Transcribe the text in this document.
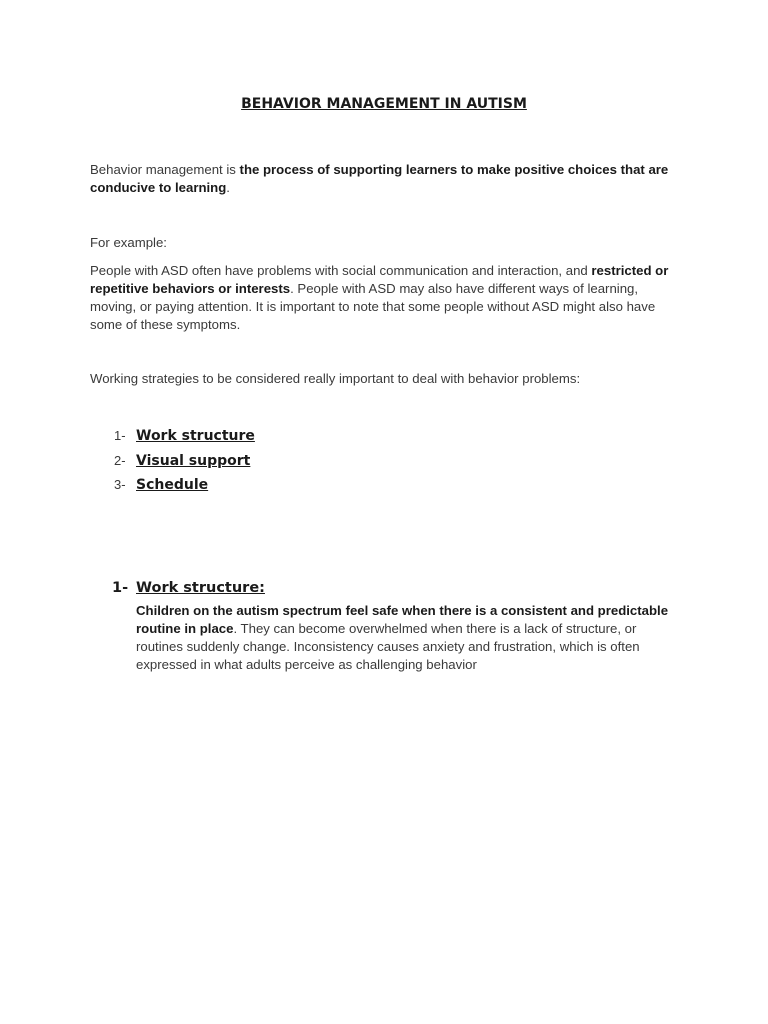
BEHAVIOR MANAGEMENT IN AUTISM
Behavior management is the process of supporting learners to make positive choices that are conducive to learning.
For example:
People with ASD often have problems with social communication and interaction, and restricted or repetitive behaviors or interests. People with ASD may also have different ways of learning, moving, or paying attention. It is important to note that some people without ASD might also have some of these symptoms.
Working strategies to be considered really important to deal with behavior problems:
1- Work structure
2- Visual support
3- Schedule
1- Work structure:
Children on the autism spectrum feel safe when there is a consistent and predictable routine in place. They can become overwhelmed when there is a lack of structure, or routines suddenly change. Inconsistency causes anxiety and frustration, which is often expressed in what adults perceive as challenging behavior
